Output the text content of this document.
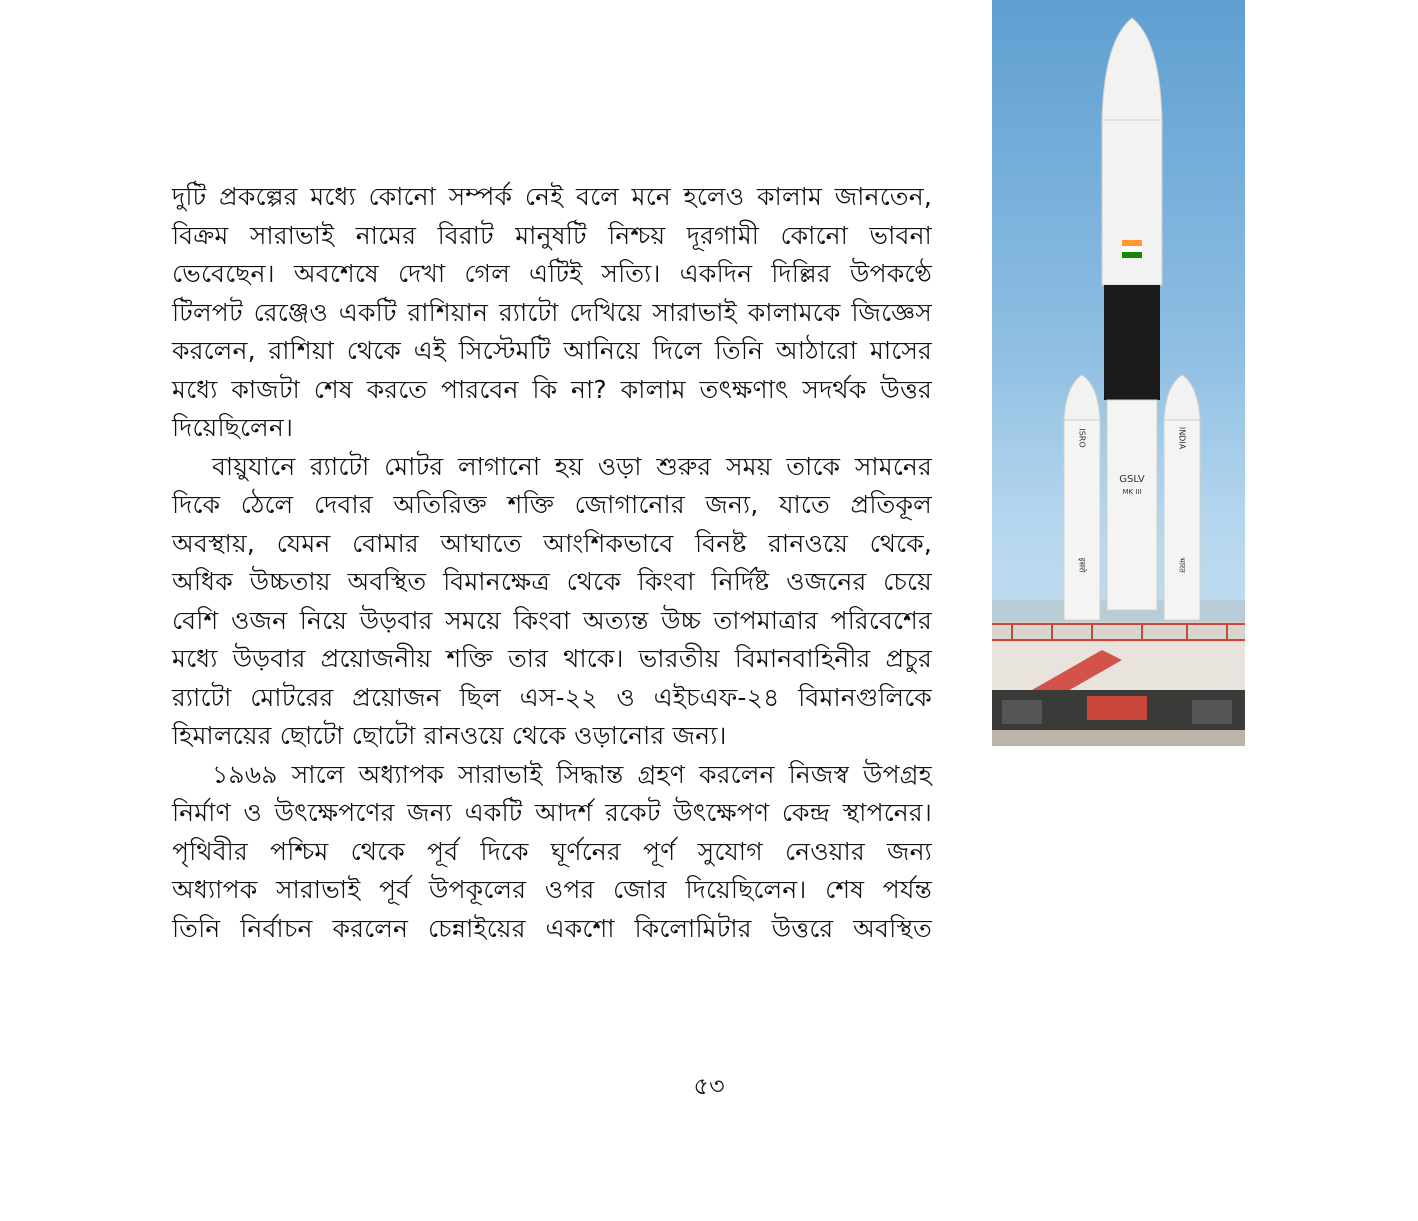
দুটি প্রকল্পের মধ্যে কোনো সম্পর্ক নেই বলে মনে হলেও কালাম জানতেন,
বিক্রম সারাভাই নামের বিরাট মানুষটি নিশ্চয় দূরগামী কোনো ভাবনা
ভেবেছেন। অবশেষে দেখা গেল এটিই সত্যি। একদিন দিল্লির উপকণ্ঠে
টিলপট রেঞ্জেও একটি রাশিয়ান র‍্যাটো দেখিয়ে সারাভাই কালামকে জিজ্ঞেস
করলেন, রাশিয়া থেকে এই সিস্টেমটি আনিয়ে দিলে তিনি আঠারো মাসের
মধ্যে কাজটা শেষ করতে পারবেন কি না? কালাম তৎক্ষণাৎ সদর্থক উত্তর
দিয়েছিলেন।
বায়ুযানে র‍্যাটো মোটর লাগানো হয় ওড়া শুরুর সময় তাকে সামনের
দিকে ঠেলে দেবার অতিরিক্ত শক্তি জোগানোর জন্য, যাতে প্রতিকূল
অবস্থায়, যেমন বোমার আঘাতে আংশিকভাবে বিনষ্ট রানওয়ে থেকে,
অধিক উচ্চতায় অবস্থিত বিমানক্ষেত্র থেকে কিংবা নির্দিষ্ট ওজনের চেয়ে
বেশি ওজন নিয়ে উড়বার সময়ে কিংবা অত্যন্ত উচ্চ তাপমাত্রার পরিবেশের
মধ্যে উড়বার প্রয়োজনীয় শক্তি তার থাকে। ভারতীয় বিমানবাহিনীর প্রচুর
র‍্যাটো মোটরের প্রয়োজন ছিল এস-২২ ও এইচএফ-২৪ বিমানগুলিকে
হিমালয়ের ছোটো ছোটো রানওয়ে থেকে ওড়ানোর জন্য।
১৯৬৯ সালে অধ্যাপক সারাভাই সিদ্ধান্ত গ্রহণ করলেন নিজস্ব উপগ্রহ
নির্মাণ ও উৎক্ষেপণের জন্য একটি আদর্শ রকেট উৎক্ষেপণ কেন্দ্র স্থাপনের।
পৃথিবীর পশ্চিম থেকে পূর্ব দিকে ঘূর্ণনের পূর্ণ সুযোগ নেওয়ার জন্য
অধ্যাপক সারাভাই পূর্ব উপকূলের ওপর জোর দিয়েছিলেন। শেষ পর্যন্ত
তিনি নির্বাচন করলেন চেন্নাইয়ের একশো কিলোমিটার উত্তরে অবস্থিত
৫৩
GSLV
MK III
ISRO
इसरो
INDIA
भारत
